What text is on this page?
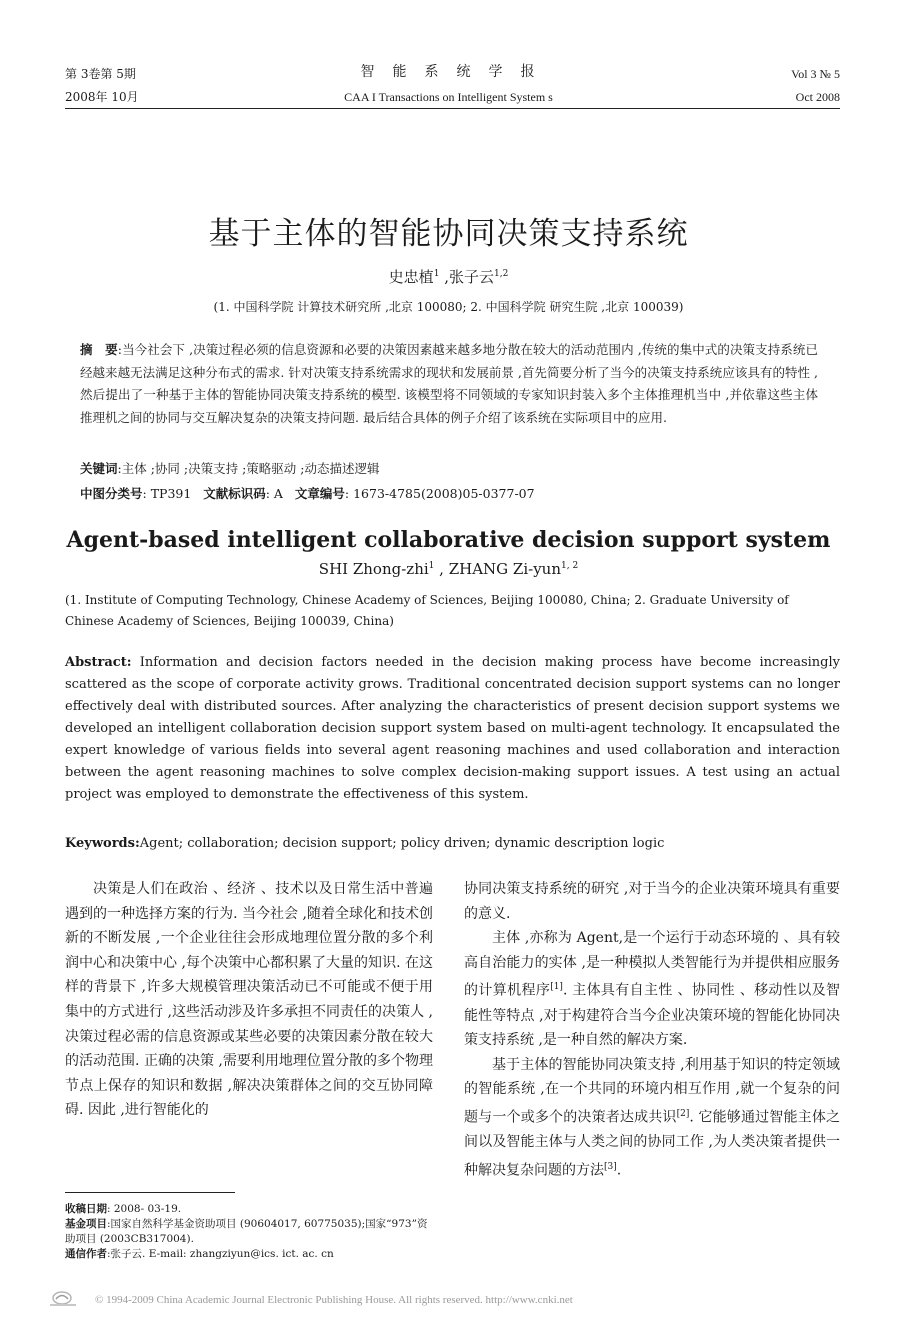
第 3卷第 5期
2008年 10月
智　能　系　统　学　报
CAA I Transactions on Intelligent System s
Vol 3 № 5
Oct 2008
基于主体的智能协同决策支持系统
史忠植$^1$ ,张子云$^{1,2}$
(1. 中国科学院 计算技术研究所 ,北京 100080; 2. 中国科学院 研究生院 ,北京 100039)
摘　要:当今社会下 ,决策过程必须的信息资源和必要的决策因素越来越多地分散在较大的活动范围内 ,传统的集中式的决策支持系统已经越来越无法满足这种分布式的需求. 针对决策支持系统需求的现状和发展前景 ,首先简要分析了当今的决策支持系统应该具有的特性 ,然后提出了一种基于主体的智能协同决策支持系统的模型. 该模型将不同领域的专家知识封装入多个主体推理机当中 ,并依靠这些主体推理机之间的协同与交互解决复杂的决策支持问题. 最后结合具体的例子介绍了该系统在实际项目中的应用.
关键词:主体 ;协同 ;决策支持 ;策略驱动 ;动态描述逻辑
中图分类号: TP391 文献标识码: A 文章编号: 1673-4785(2008)05-0377-07
Agent-based intelligent collaborative decision support system
SHI Zhong-zhi$^1$ , ZHANG Zi-yun$^{1, 2}$
(1. Institute of Computing Technology, Chinese Academy of Sciences, Beijing 100080, China; 2. Graduate University of Chinese Academy of Sciences, Beijing 100039, China)
Abstract: Information and decision factors needed in the decision making process have become increasingly scattered as the scope of corporate activity grows. Traditional concentrated decision support systems can no longer effectively deal with distributed sources. After analyzing the characteristics of present decision support systems we developed an intelligent collaboration decision support system based on multi-agent technology. It encapsulated the expert knowledge of various fields into several agent reasoning machines and used collaboration and interaction between the agent reasoning machines to solve complex decision-making support issues. A test using an actual project was employed to demonstrate the effectiveness of this system.
Keywords:Agent; collaboration; decision support; policy driven; dynamic description logic

决策是人们在政治 、经济 、技术以及日常生活中普遍遇到的一种选择方案的行为. 当今社会 ,随着全球化和技术创新的不断发展 ,一个企业往往会形成地理位置分散的多个利润中心和决策中心 ,每个决策中心都积累了大量的知识. 在这样的背景下 ,许多大规模管理决策活动已不可能或不便于用集中的方式进行 ,这些活动涉及许多承担不同责任的决策人 ,决策过程必需的信息资源或某些必要的决策因素分散在较大的活动范围. 正确的决策 ,需要利用地理位置分散的多个物理节点上保存的知识和数据 ,解决决策群体之间的交互协同障碍. 因此 ,进行智能化的

协同决策支持系统的研究 ,对于当今的企业决策环境具有重要的意义.

主体 ,亦称为 Agent,是一个运行于动态环境的 、具有较高自治能力的实体 ,是一种模拟人类智能行为并提供相应服务的计算机程序[1]. 主体具有自主性 、协同性 、移动性以及智能性等特点 ,对于构建符合当今企业决策环境的智能化协同决策支持系统 ,是一种自然的解决方案.

基于主体的智能协同决策支持 ,利用基于知识的特定领域的智能系统 ,在一个共同的环境内相互作用 ,就一个复杂的问题与一个或多个的决策者达成共识[2]. 它能够通过智能主体之间以及智能主体与人类之间的协同工作 ,为人类决策者提供一种解决复杂问题的方法[3].

收稿日期: 2008- 03-19.
基金项目:国家自然科学基金资助项目 (90604017, 60775035);国家“973”资助项目 (2003CB317004).
通信作者:张子云. E-mail: zhangziyun@ics. ict. ac. cn
© 1994-2009 China Academic Journal Electronic Publishing House. All rights reserved. http://www.cnki.net
